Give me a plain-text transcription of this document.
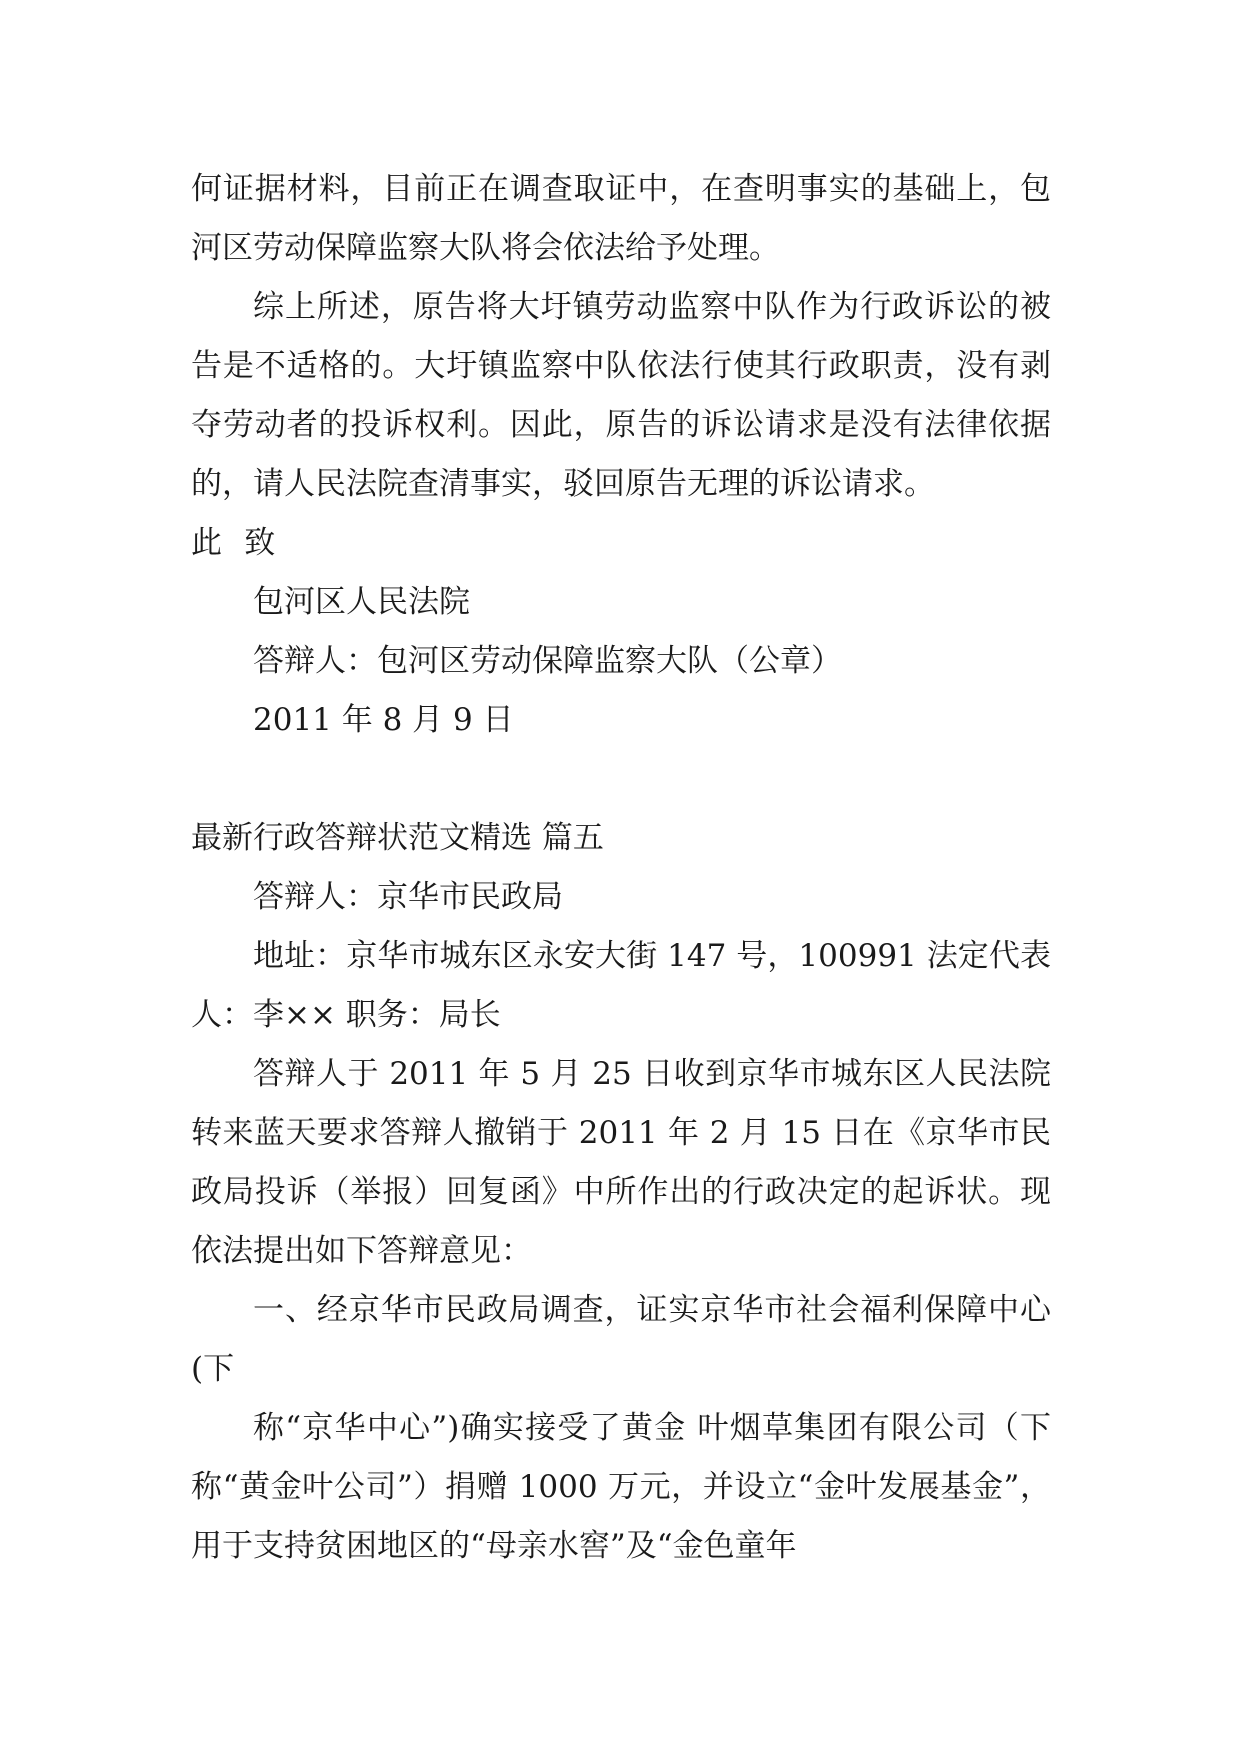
何证据材料，目前正在调查取证中，在查明事实的基础上，包河区劳动保障监察大队将会依法给予处理。

综上所述，原告将大圩镇劳动监察中队作为行政诉讼的被告是不适格的。大圩镇监察中队依法行使其行政职责，没有剥夺劳动者的投诉权利。因此，原告的诉讼请求是没有法律依据的，请人民法院查清事实，驳回原告无理的诉讼请求。

此 致

包河区人民法院

答辩人：包河区劳动保障监察大队（公章）

2011 年 8 月 9 日

最新行政答辩状范文精选 篇五

答辩人：京华市民政局

地址：京华市城东区永安大街 147 号，100991 法定代表人：李×× 职务：局长

答辩人于 2011 年 5 月 25 日收到京华市城东区人民法院转来蓝天要求答辩人撤销于 2011 年 2 月 15 日在《京华市民政局投诉（举报）回复函》中所作出的行政决定的起诉状。现依法提出如下答辩意见：

一、经京华市民政局调查，证实京华市社会福利保障中心(下

称“京华中心”)确实接受了黄金 叶烟草集团有限公司（下称“黄金叶公司”）捐赠 1000 万元，并设立“金叶发展基金”，用于支持贫困地区的“母亲水窖”及“金色童年
